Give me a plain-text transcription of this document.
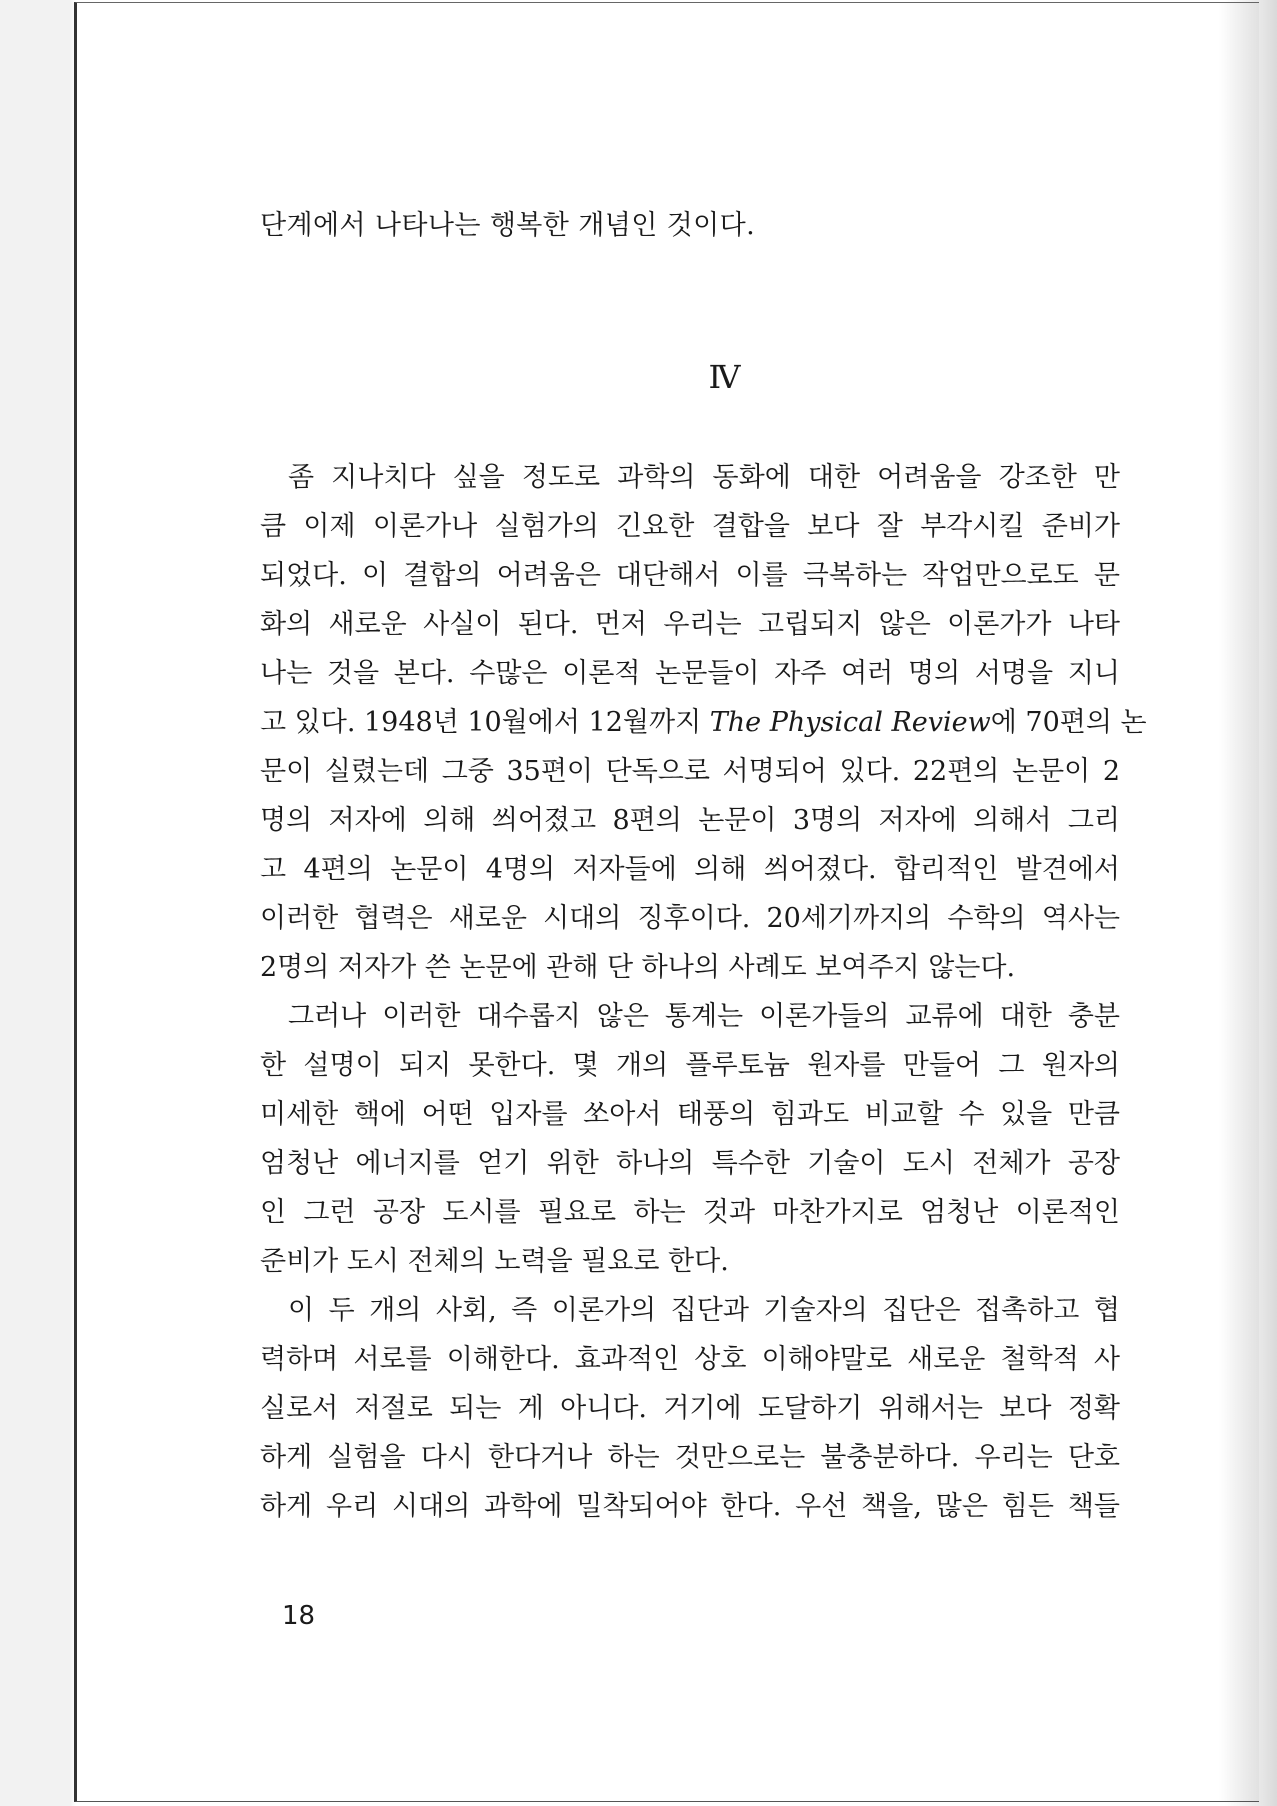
단계에서 나타나는 행복한 개념인 것이다.
Ⅳ
좀 지나치다 싶을 정도로 과학의 동화에 대한 어려움을 강조한 만
큼 이제 이론가나 실험가의 긴요한 결합을 보다 잘 부각시킬 준비가
되었다. 이 결합의 어려움은 대단해서 이를 극복하는 작업만으로도 문
화의 새로운 사실이 된다. 먼저 우리는 고립되지 않은 이론가가 나타
나는 것을 본다. 수많은 이론적 논문들이 자주 여러 명의 서명을 지니
고 있다. 1948년 10월에서 12월까지 The Physical Review에 70편의 논
문이 실렸는데 그중 35편이 단독으로 서명되어 있다. 22편의 논문이 2
명의 저자에 의해 씌어졌고 8편의 논문이 3명의 저자에 의해서 그리
고 4편의 논문이 4명의 저자들에 의해 씌어졌다. 합리적인 발견에서
이러한 협력은 새로운 시대의 징후이다. 20세기까지의 수학의 역사는
2명의 저자가 쓴 논문에 관해 단 하나의 사례도 보여주지 않는다.
그러나 이러한 대수롭지 않은 통계는 이론가들의 교류에 대한 충분
한 설명이 되지 못한다. 몇 개의 플루토늄 원자를 만들어 그 원자의
미세한 핵에 어떤 입자를 쏘아서 태풍의 힘과도 비교할 수 있을 만큼
엄청난 에너지를 얻기 위한 하나의 특수한 기술이 도시 전체가 공장
인 그런 공장 도시를 필요로 하는 것과 마찬가지로 엄청난 이론적인
준비가 도시 전체의 노력을 필요로 한다.
이 두 개의 사회, 즉 이론가의 집단과 기술자의 집단은 접촉하고 협
력하며 서로를 이해한다. 효과적인 상호 이해야말로 새로운 철학적 사
실로서 저절로 되는 게 아니다. 거기에 도달하기 위해서는 보다 정확
하게 실험을 다시 한다거나 하는 것만으로는 불충분하다. 우리는 단호
하게 우리 시대의 과학에 밀착되어야 한다. 우선 책을, 많은 힘든 책들
18
